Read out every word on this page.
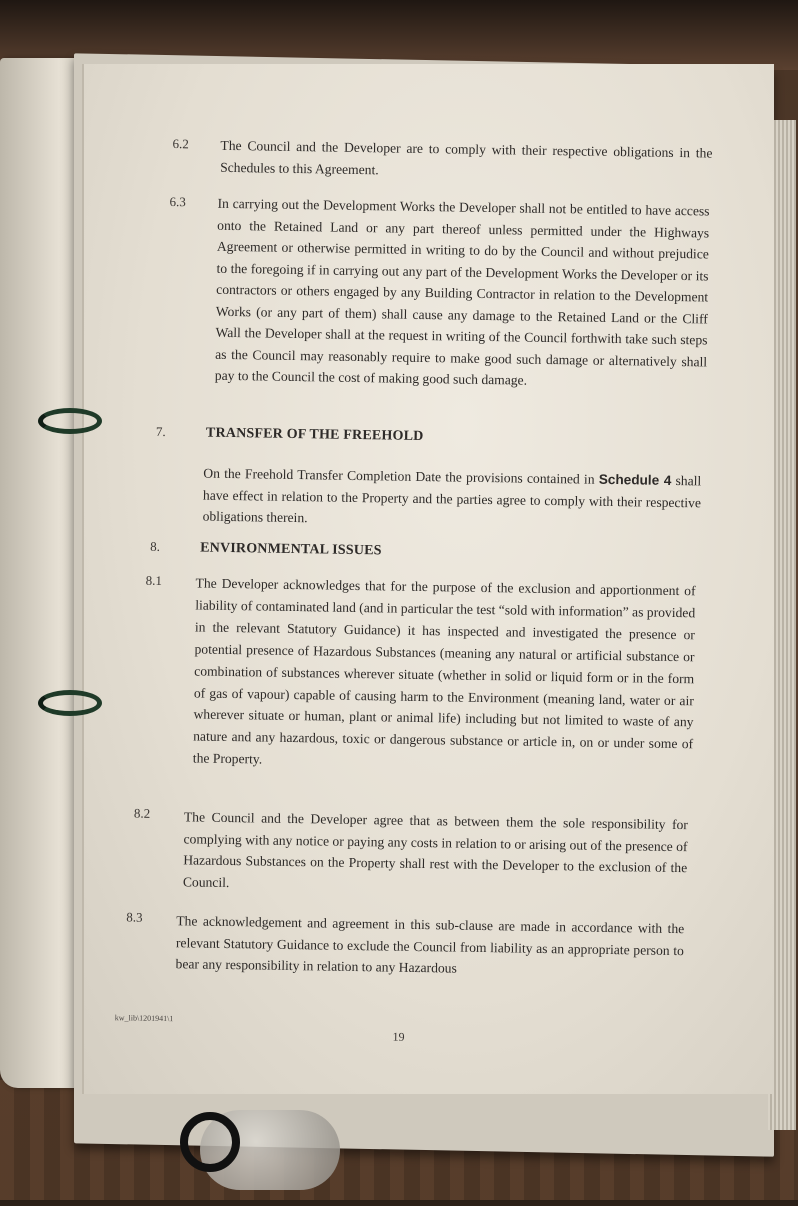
6.2 The Council and the Developer are to comply with their respective obligations in the Schedules to this Agreement.
6.3 In carrying out the Development Works the Developer shall not be entitled to have access onto the Retained Land or any part thereof unless permitted under the Highways Agreement or otherwise permitted in writing to do by the Council and without prejudice to the foregoing if in carrying out any part of the Development Works the Developer or its contractors or others engaged by any Building Contractor in relation to the Development Works (or any part of them) shall cause any damage to the Retained Land or the Cliff Wall the Developer shall at the request in writing of the Council forthwith take such steps as the Council may reasonably require to make good such damage or alternatively shall pay to the Council the cost of making good such damage.
7.	TRANSFER OF THE FREEHOLD
On the Freehold Transfer Completion Date the provisions contained in Schedule 4 shall have effect in relation to the Property and the parties agree to comply with their respective obligations therein.
8.	ENVIRONMENTAL ISSUES
8.1 The Developer acknowledges that for the purpose of the exclusion and apportionment of liability of contaminated land (and in particular the test “sold with information” as provided in the relevant Statutory Guidance) it has inspected and investigated the presence or potential presence of Hazardous Substances (meaning any natural or artificial substance or combination of substances wherever situate (whether in solid or liquid form or in the form of gas of vapour) capable of causing harm to the Environment (meaning land, water or air wherever situate or human, plant or animal life) including but not limited to waste of any nature and any hazardous, toxic or dangerous substance or article in, on or under some of the Property.
8.2 The Council and the Developer agree that as between them the sole responsibility for complying with any notice or paying any costs in relation to or arising out of the presence of Hazardous Substances on the Property shall rest with the Developer to the exclusion of the Council.
8.3 The acknowledgement and agreement in this sub-clause are made in accordance with the relevant Statutory Guidance to exclude the Council from liability as an appropriate person to bear any responsibility in relation to any Hazardous
kw_lib\1201941\1
19
